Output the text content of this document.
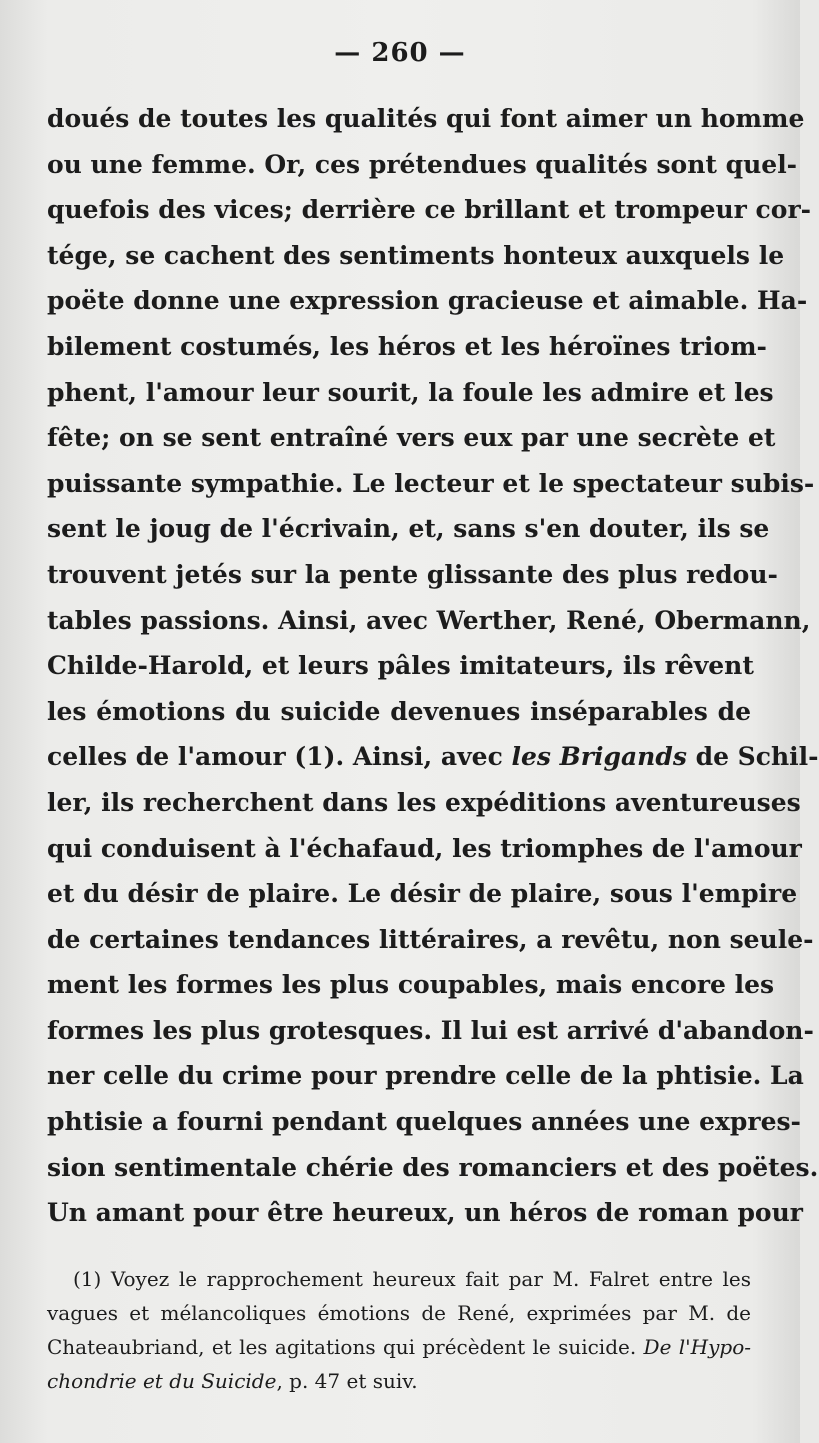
— 260 —
doués de toutes les qualités qui font aimer un homme
ou une femme. Or, ces prétendues qualités sont quel-
quefois des vices; derrière ce brillant et trompeur cor-
tége, se cachent des sentiments honteux auxquels le
poëte donne une expression gracieuse et aimable. Ha-
bilement costumés, les héros et les héroïnes triom-
phent, l'amour leur sourit, la foule les admire et les
fête; on se sent entraîné vers eux par une secrète et
puissante sympathie. Le lecteur et le spectateur subis-
sent le joug de l'écrivain, et, sans s'en douter, ils se
trouvent jetés sur la pente glissante des plus redou-
tables passions. Ainsi, avec Werther, René, Obermann,
Childe-Harold, et leurs pâles imitateurs, ils rêvent
les émotions du suicide devenues inséparables de
celles de l'amour (1). Ainsi, avec les Brigands de Schil-
ler, ils recherchent dans les expéditions aventureuses
qui conduisent à l'échafaud, les triomphes de l'amour
et du désir de plaire. Le désir de plaire, sous l'empire
de certaines tendances littéraires, a revêtu, non seule-
ment les formes les plus coupables, mais encore les
formes les plus grotesques. Il lui est arrivé d'abandon-
ner celle du crime pour prendre celle de la phtisie. La
phtisie a fourni pendant quelques années une expres-
sion sentimentale chérie des romanciers et des poëtes.
Un amant pour être heureux, un héros de roman pour
(1) Voyez le rapprochement heureux fait par M. Falret entre les
vagues et mélancoliques émotions de René, exprimées par M. de
Chateaubriand, et les agitations qui précèdent le suicide. De l'Hypo-
chondrie et du Suicide, p. 47 et suiv.
